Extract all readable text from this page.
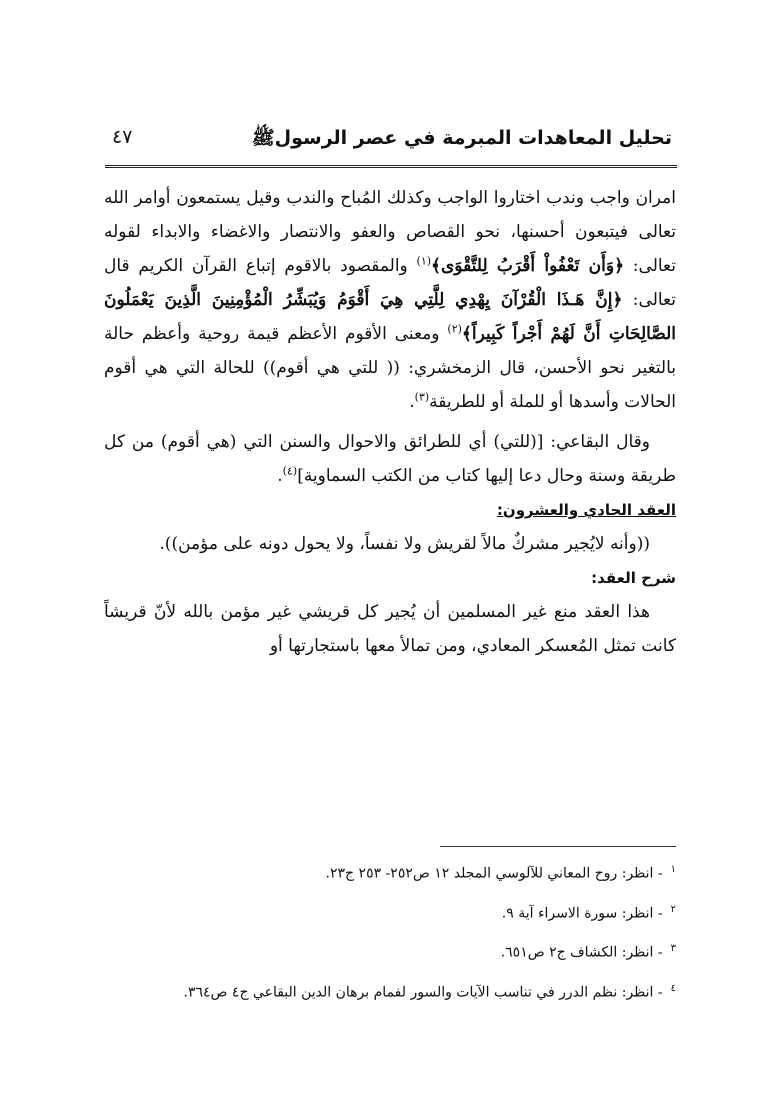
تحليل المعاهدات المبرمة في عصر الرسولﷺ
٤٧

امران واجب وندب اختاروا الواجب وكذلك المُباح والندب وقيل يستمعون أوامر الله تعالى فيتبعون أحسنها، نحو القصاص والعفو والانتصار والاغضاء والابداء لقوله تعالى: ﴿وَأَن تَعْفُواْ أَقْرَبُ لِلتَّقْوَى﴾$^{(١)}$ والمقصود بالاقوم إتباع القرآن الكريم قال تعالى: ﴿إِنَّ هَـذَا الْقُرْآنَ يِهْدِي لِلَّتِي هِيَ أَقْوَمُ وَيُبَشِّرُ الْمُؤْمِنِينَ الَّذِينَ يَعْمَلُونَ الصَّالِحَاتِ أَنَّ لَهُمْ أَجْراً كَبِيراً﴾$^{(٢)}$ ومعنى الأقوم الأعظم قيمة روحية وأعظم حالة بالتغير نحو الأحسن، قال الزمخشري: (( للتي هي أقوم)) للحالة التي هي أقوم الحالات وأسدها أو للملة أو للطريقة$^{(٣)}$.

وقال البقاعي: [(للتي) أي للطرائق والاحوال والسنن التي (هي أقوم) من كل طريقة وسنة وحال دعا إليها كتاب من الكتب السماوية]$^{(٤)}$.

العقد الحادي والعشرون:

((وأنه لايُجير مشركٌ مالاً لقريش ولا نفساً، ولا يحول دونه على مؤمن)).

شرح العقد:

هذا العقد منع غير المسلمين أن يُجير كل قريشي غير مؤمن بالله لأنّ قريشاً كانت تمثل المُعسكر المعادي، ومن تمالأ معها باستجارتها أو

$^١$- انظر: روح المعاني للآلوسي المجلد ١٢ ص٢٥٢- ٢٥٣ ج٢٣.
$^٢$- انظر: سورة الاسراء آية ٩.
$^٣$- انظر: الكشاف ج٢ ص٦٥١.
$^٤$- انظر: نظم الدرر في تناسب الآيات والسور لفمام برهان الدين البقاعي ج٤ ص٣٦٤.
